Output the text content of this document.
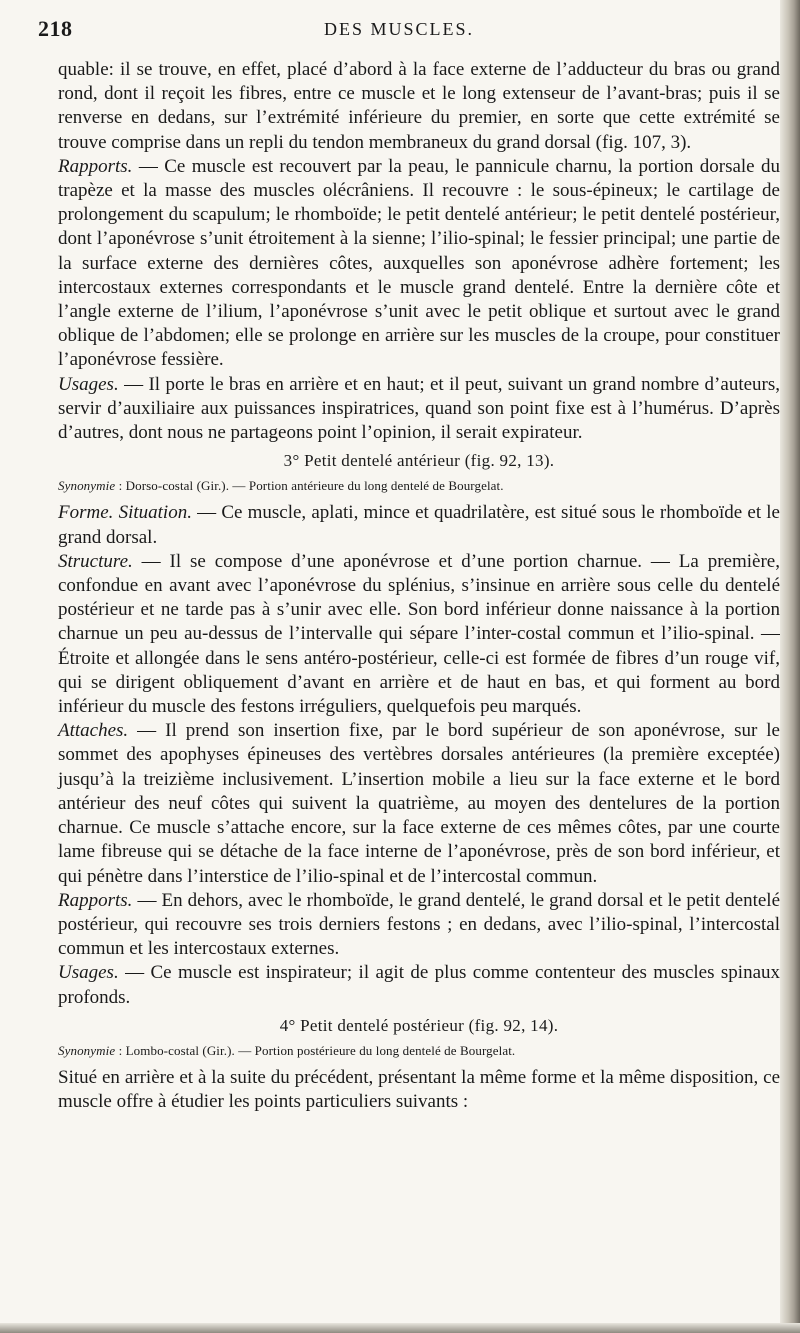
218	DES MUSCLES.

quable: il se trouve, en effet, placé d’abord à la face externe de l’adducteur du bras ou grand rond, dont il reçoit les fibres, entre ce muscle et le long extenseur de l’avant-bras; puis il se renverse en dedans, sur l’extrémité inférieure du premier, en sorte que cette extrémité se trouve comprise dans un repli du tendon membraneux du grand dorsal (fig. 107, 3).

Rapports. — Ce muscle est recouvert par la peau, le pannicule charnu, la portion dorsale du trapèze et la masse des muscles olécrâniens. Il recouvre : le sous-épineux; le cartilage de prolongement du scapulum; le rhomboïde; le petit dentelé antérieur; le petit dentelé postérieur, dont l’aponévrose s’unit étroitement à la sienne; l’ilio-spinal; le fessier principal; une partie de la surface externe des dernières côtes, auxquelles son aponévrose adhère fortement; les intercostaux externes correspondants et le muscle grand dentelé. Entre la dernière côte et l’angle externe de l’ilium, l’aponévrose s’unit avec le petit oblique et surtout avec le grand oblique de l’abdomen; elle se prolonge en arrière sur les muscles de la croupe, pour constituer l’aponévrose fessière.

Usages. — Il porte le bras en arrière et en haut; et il peut, suivant un grand nombre d’auteurs, servir d’auxiliaire aux puissances inspiratrices, quand son point fixe est à l’humérus. D’après d’autres, dont nous ne partageons point l’opinion, il serait expirateur.

3° Petit dentelé antérieur (fig. 92, 13).

Synonymie : Dorso-costal (Gir.). — Portion antérieure du long dentelé de Bourgelat.

Forme. Situation. — Ce muscle, aplati, mince et quadrilatère, est situé sous le rhomboïde et le grand dorsal.

Structure. — Il se compose d’une aponévrose et d’une portion charnue. — La première, confondue en avant avec l’aponévrose du splénius, s’insinue en arrière sous celle du dentelé postérieur et ne tarde pas à s’unir avec elle. Son bord inférieur donne naissance à la portion charnue un peu au-dessus de l’intervalle qui sépare l’inter-costal commun et l’ilio-spinal. — Étroite et allongée dans le sens antéro-postérieur, celle-ci est formée de fibres d’un rouge vif, qui se dirigent obliquement d’avant en arrière et de haut en bas, et qui forment au bord inférieur du muscle des festons irréguliers, quelquefois peu marqués.

Attaches. — Il prend son insertion fixe, par le bord supérieur de son aponévrose, sur le sommet des apophyses épineuses des vertèbres dorsales antérieures (la première exceptée) jusqu’à la treizième inclusivement. L’insertion mobile a lieu sur la face externe et le bord antérieur des neuf côtes qui suivent la quatrième, au moyen des dentelures de la portion charnue. Ce muscle s’attache encore, sur la face externe de ces mêmes côtes, par une courte lame fibreuse qui se détache de la face interne de l’aponévrose, près de son bord inférieur, et qui pénètre dans l’interstice de l’ilio-spinal et de l’intercostal commun.

Rapports. — En dehors, avec le rhomboïde, le grand dentelé, le grand dorsal et le petit dentelé postérieur, qui recouvre ses trois derniers festons ; en dedans, avec l’ilio-spinal, l’intercostal commun et les intercostaux externes.

Usages. — Ce muscle est inspirateur; il agit de plus comme contenteur des muscles spinaux profonds.

4° Petit dentelé postérieur (fig. 92, 14).

Synonymie : Lombo-costal (Gir.). — Portion postérieure du long dentelé de Bourgelat.

Situé en arrière et à la suite du précédent, présentant la même forme et la même disposition, ce muscle offre à étudier les points particuliers suivants :
